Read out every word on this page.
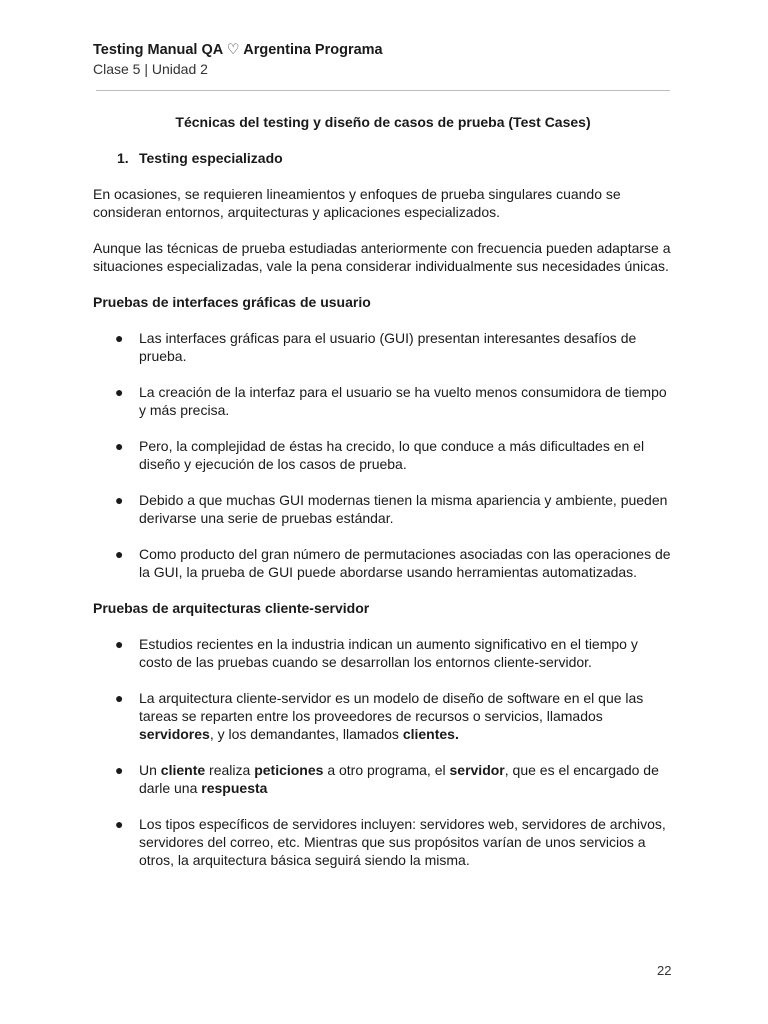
Testing Manual QA ♡ Argentina Programa
Clase 5 | Unidad 2

Técnicas del testing y diseño de casos de prueba (Test Cases)

1. Testing especializado

En ocasiones, se requieren lineamientos y enfoques de prueba singulares cuando se consideran entornos, arquitecturas y aplicaciones especializados.

Aunque las técnicas de prueba estudiadas anteriormente con frecuencia pueden adaptarse a situaciones especializadas, vale la pena considerar individualmente sus necesidades únicas.

Pruebas de interfaces gráficas de usuario

● Las interfaces gráficas para el usuario (GUI) presentan interesantes desafíos de prueba.
● La creación de la interfaz para el usuario se ha vuelto menos consumidora de tiempo y más precisa.
● Pero, la complejidad de éstas ha crecido, lo que conduce a más dificultades en el diseño y ejecución de los casos de prueba.
● Debido a que muchas GUI modernas tienen la misma apariencia y ambiente, pueden derivarse una serie de pruebas estándar.
● Como producto del gran número de permutaciones asociadas con las operaciones de la GUI, la prueba de GUI puede abordarse usando herramientas automatizadas.

Pruebas de arquitecturas cliente-servidor

● Estudios recientes en la industria indican un aumento significativo en el tiempo y costo de las pruebas cuando se desarrollan los entornos cliente-servidor.
● La arquitectura cliente-servidor es un modelo de diseño de software en el que las tareas se reparten entre los proveedores de recursos o servicios, llamados servidores, y los demandantes, llamados clientes.
● Un cliente realiza peticiones a otro programa, el servidor, que es el encargado de darle una respuesta
● Los tipos específicos de servidores incluyen: servidores web, servidores de archivos, servidores del correo, etc. Mientras que sus propósitos varían de unos servicios a otros, la arquitectura básica seguirá siendo la misma.
22
